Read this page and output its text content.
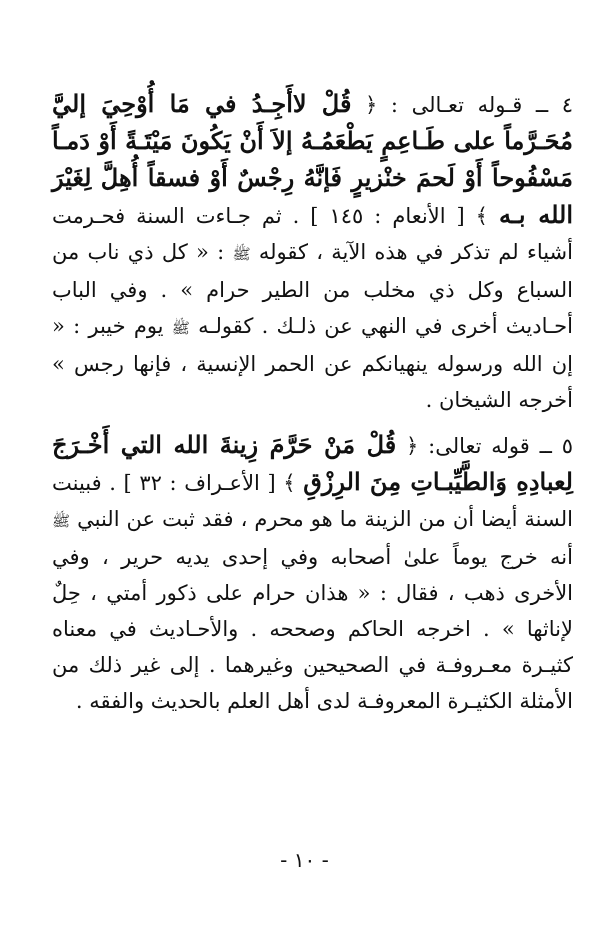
٤ ــ قـوله تعـالى : ﴿ قُلْ لاأَجِـدُ في مَا أُوْحِيَ إليَّ مُحَـرَّماً على طَـاعِمٍ يَطْعَمُـهُ إلاَ أَنْ يَكُونَ مَيْتَـةً أَوْ دَمـاً مَسْفُوحاً أَوْ لَحمَ خنْزيرٍ فَإنَّهُ رِجْسٌ أَوْ فسقاً أُهِلَّ لِغَيْرَ الله بـه ﴾ [ الأنعام : ١٤٥ ] . ثم جـاءت السنة فحـرمت أشياء لم تذكر في هذه الآية ، كقوله ﷺ : « كل ذي ناب من السباع وكل ذي مخلب من الطير حرام » . وفي الباب أحـاديث أخرى في النهي عن ذلـك . كقولـه ﷺ يوم خيبر : « إن الله ورسوله ينهيانكم عن الحمر الإنسية ، فإنها رجس » أخرجه الشيخان .

٥ ــ قوله تعالى: ﴿ قُلْ مَنْ حَرَّمَ زِينةَ الله التي أَخْـرَجَ لِعبادِهِ وَالطَّيِّبـاتِ مِنَ الرِزْقِ ﴾ [ الأعـراف : ٣٢ ] . فبينت السنة أيضا أن من الزينة ما هو محرم ، فقد ثبت عن النبي ﷺ أنه خرج يوماً علىٰ أصحابه وفي إحدى يديه حرير ، وفي الأخرى ذهب ، فقال : « هذان حرام على ذكور أمتي ، حِلٌ لإناثها » . اخرجه الحاكم وصححه . والأحـاديث في معناه كثيـرة معـروفـة في الصحيحين وغيرهما . إلى غير ذلك من الأمثلة الكثيـرة المعروفـة لدى أهل العلم بالحديث والفقه .

- ١٠ -
